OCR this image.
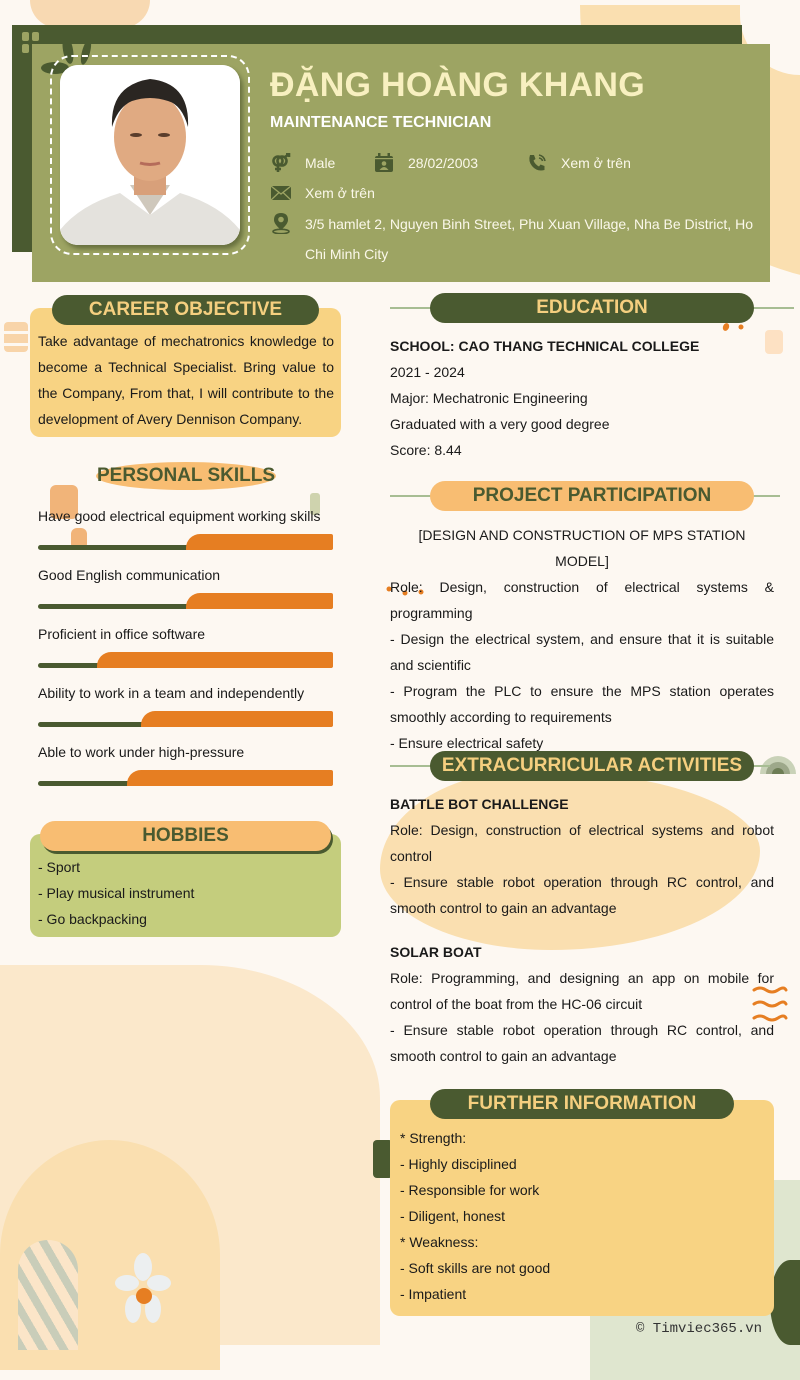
ĐẶNG HOÀNG KHANG
MAINTENANCE TECHNICIAN
Male	28/02/2003	Xem ở trên
Xem ở trên
3/5 hamlet 2, Nguyen Binh Street, Phu Xuan Village, Nha Be District, Ho Chi Minh City
CAREER OBJECTIVE
Take advantage of mechatronics knowledge to become a Technical Specialist. Bring value to the Company, From that, I will contribute to the development of Avery Dennison Company.
PERSONAL SKILLS
Have good electrical equipment working skills
Good English communication
Proficient in office software
Ability to work in a team and independently
Able to work under high-pressure
HOBBIES
- Sport
- Play musical instrument
- Go backpacking
EDUCATION
SCHOOL: CAO THANG TECHNICAL COLLEGE
2021 - 2024
Major: Mechatronic Engineering
Graduated with a very good degree
Score: 8.44
PROJECT PARTICIPATION
[DESIGN AND CONSTRUCTION OF MPS STATION MODEL]
Role: Design, construction of electrical systems & programming
- Design the electrical system, and ensure that it is suitable and scientific
- Program the PLC to ensure the MPS station operates smoothly according to requirements
- Ensure electrical safety
EXTRACURRICULAR ACTIVITIES
BATTLE BOT CHALLENGE
Role: Design, construction of electrical systems and robot control
- Ensure stable robot operation through RC control, and smooth control to gain an advantage
SOLAR BOAT
Role: Programming, and designing an app on mobile for control of the boat from the HC-06 circuit
- Ensure stable robot operation through RC control, and smooth control to gain an advantage
FURTHER INFORMATION
* Strength:
- Highly disciplined
- Responsible for work
- Diligent, honest
* Weakness:
- Soft skills are not good
- Impatient
© Timviec365.vn
